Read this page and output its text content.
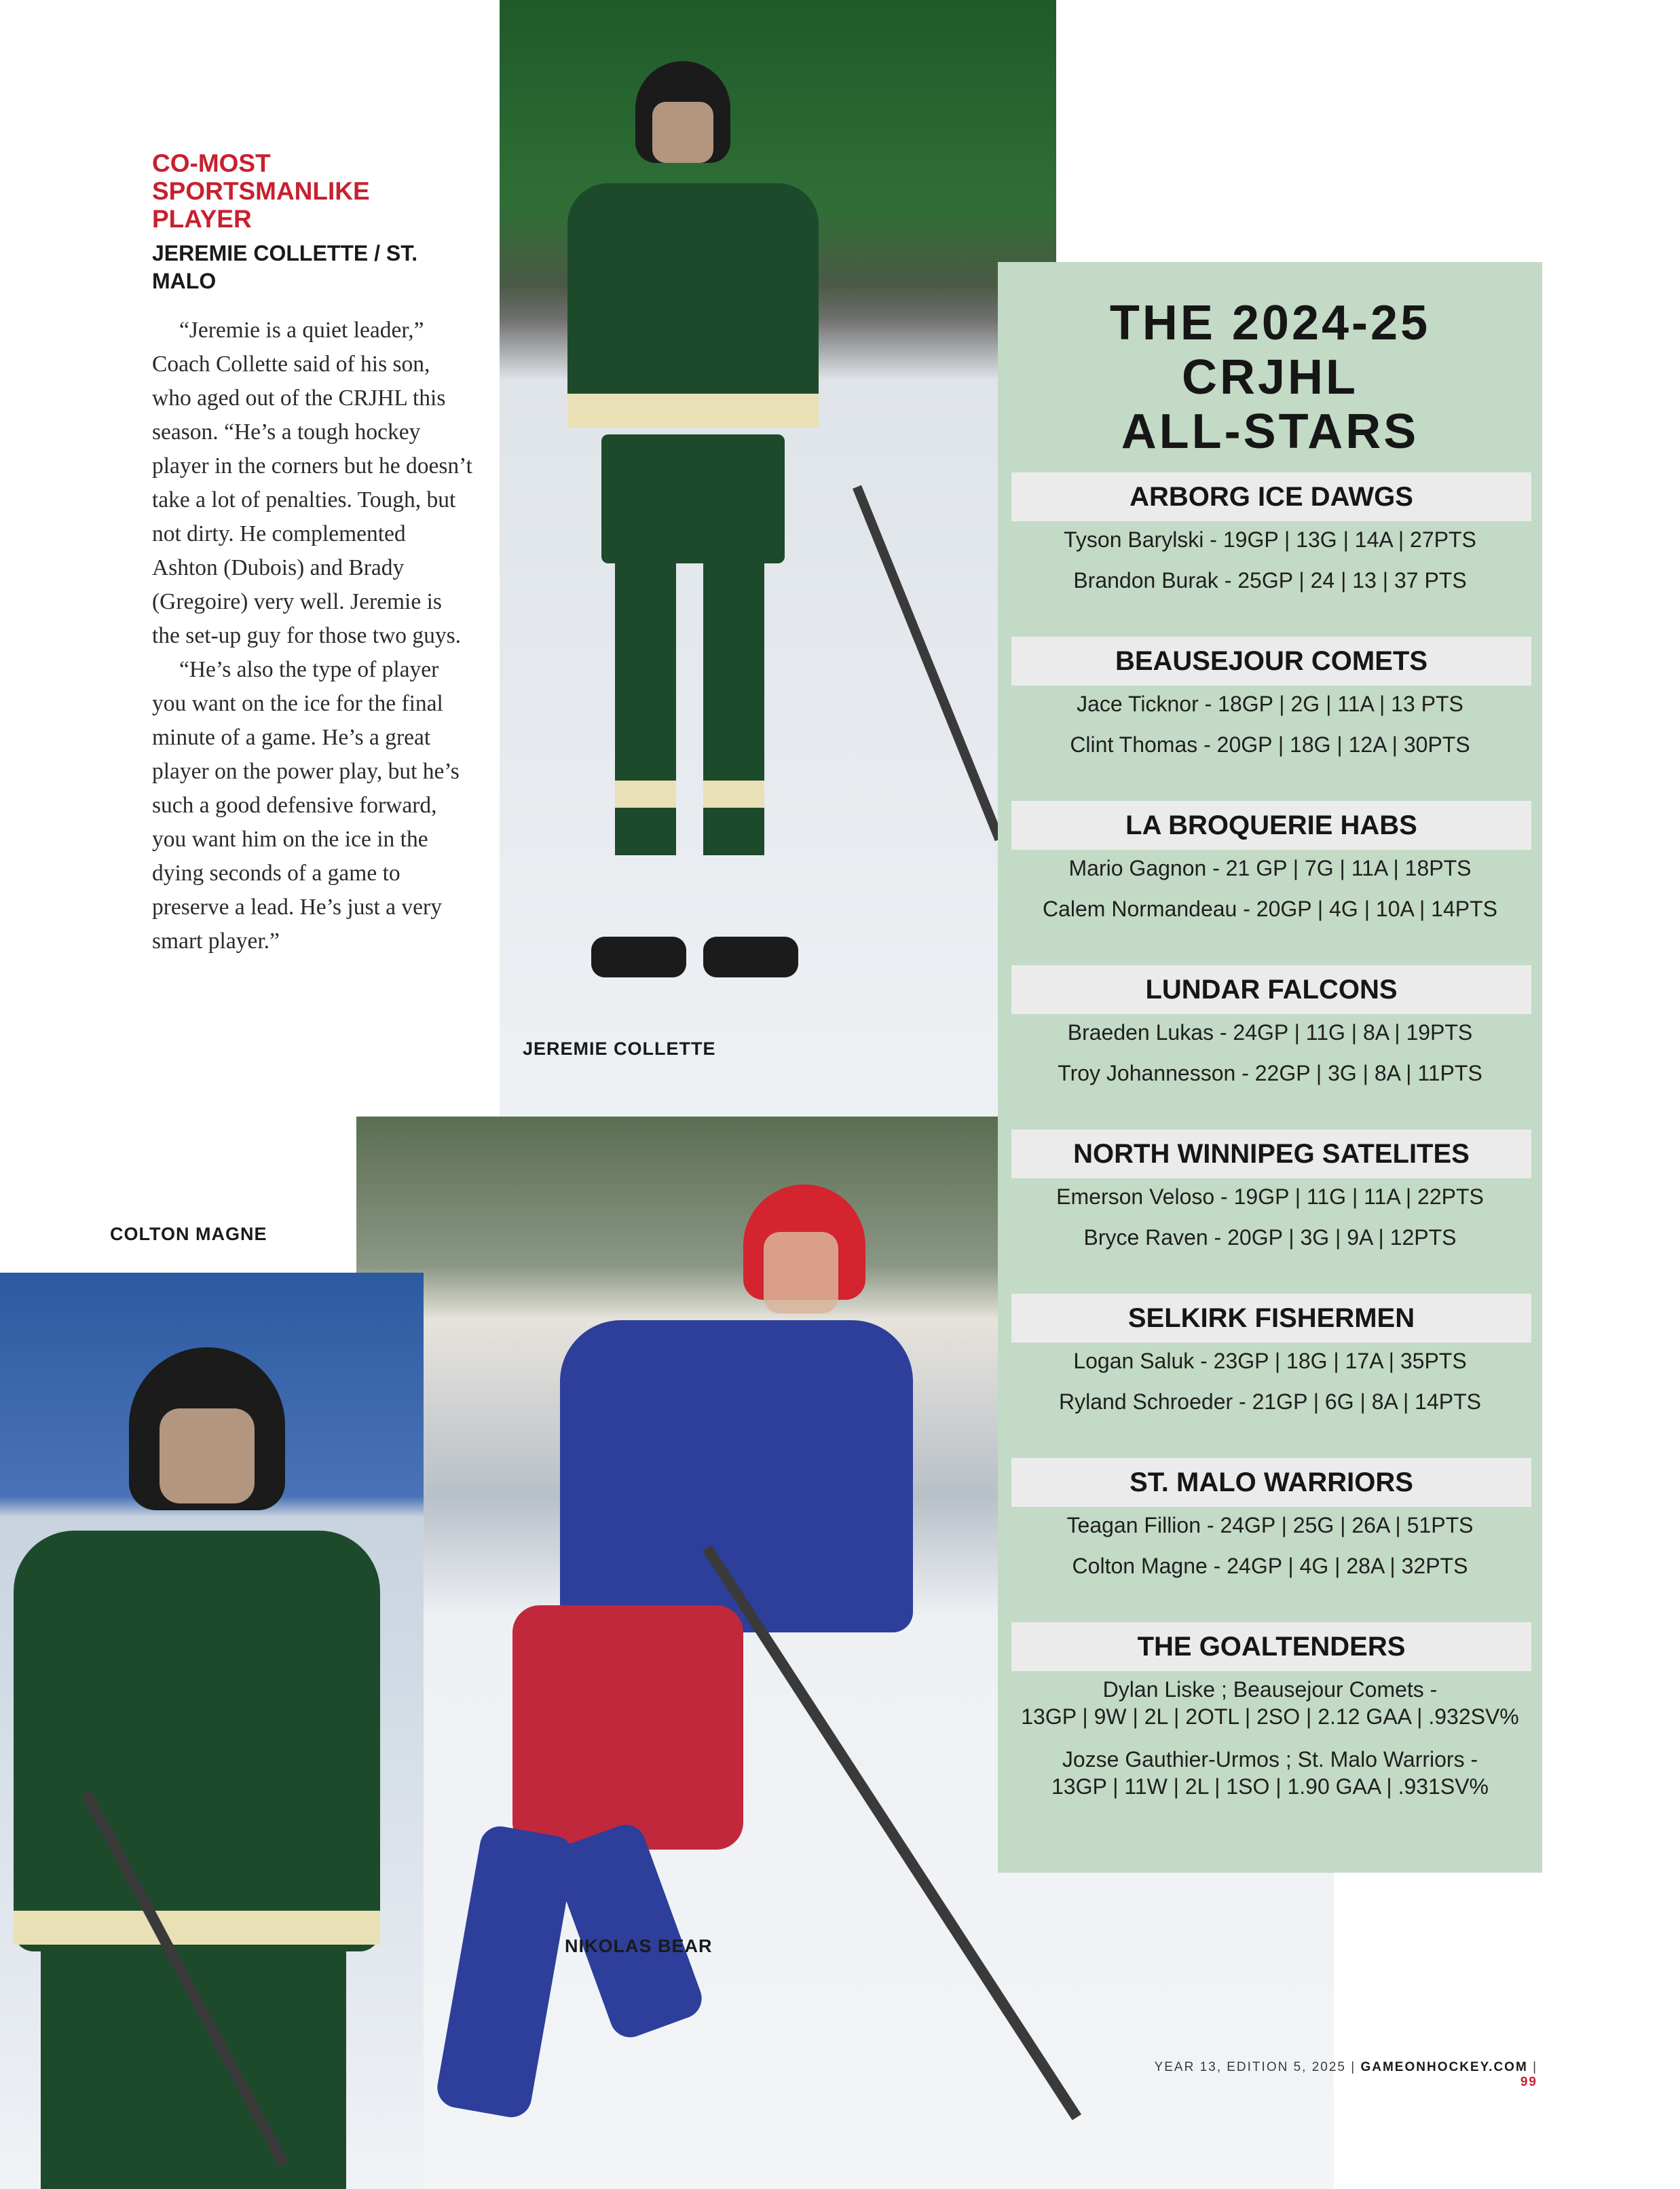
CO-MOST SPORTSMANLIKE PLAYER
JEREMIE COLLETTE / ST. MALO

“Jeremie is a quiet leader,” Coach Collette said of his son, who aged out of the CRJHL this season. “He’s a tough hockey player in the corners but he doesn’t take a lot of penalties. Tough, but not dirty. He complemented Ashton (Dubois) and Brady (Gregoire) very well. Jeremie is the set-up guy for those two guys.

“He’s also the type of player you want on the ice for the final minute of a game. He’s a great player on the power play, but he’s such a good defensive forward, you want him on the ice in the dying seconds of a game to preserve a lead. He’s just a very smart player.”

JEREMIE COLLETTE

NIKOLAS BEAR

COLTON MAGNE

THE 2024-25
CRJHL
ALL-STARS
ARBORG ICE DAWGS

Tyson Barylski - 19GP | 13G | 14A | 27PTS

Brandon Burak - 25GP | 24 | 13 | 37 PTS

BEAUSEJOUR COMETS

Jace Ticknor - 18GP | 2G | 11A | 13 PTS

Clint Thomas - 20GP | 18G | 12A | 30PTS

LA BROQUERIE HABS

Mario Gagnon - 21 GP | 7G | 11A | 18PTS

Calem Normandeau - 20GP | 4G | 10A | 14PTS

LUNDAR FALCONS

Braeden Lukas - 24GP | 11G | 8A | 19PTS

Troy Johannesson - 22GP | 3G | 8A | 11PTS

NORTH WINNIPEG SATELITES

Emerson Veloso - 19GP | 11G | 11A | 22PTS

Bryce Raven - 20GP | 3G | 9A | 12PTS

SELKIRK FISHERMEN

Logan Saluk - 23GP | 18G | 17A | 35PTS

Ryland Schroeder - 21GP | 6G | 8A | 14PTS

ST. MALO WARRIORS

Teagan Fillion - 24GP | 25G | 26A | 51PTS

Colton Magne - 24GP | 4G | 28A | 32PTS

THE GOALTENDERS

Dylan Liske ; Beausejour Comets -

13GP | 9W | 2L | 2OTL | 2SO | 2.12 GAA | .932SV%

Jozse Gauthier-Urmos ; St. Malo Warriors -

13GP | 11W | 2L | 1SO | 1.90 GAA | .931SV%

YEAR 13, EDITION 5, 2025 | GAMEONHOCKEY.COM | 99
